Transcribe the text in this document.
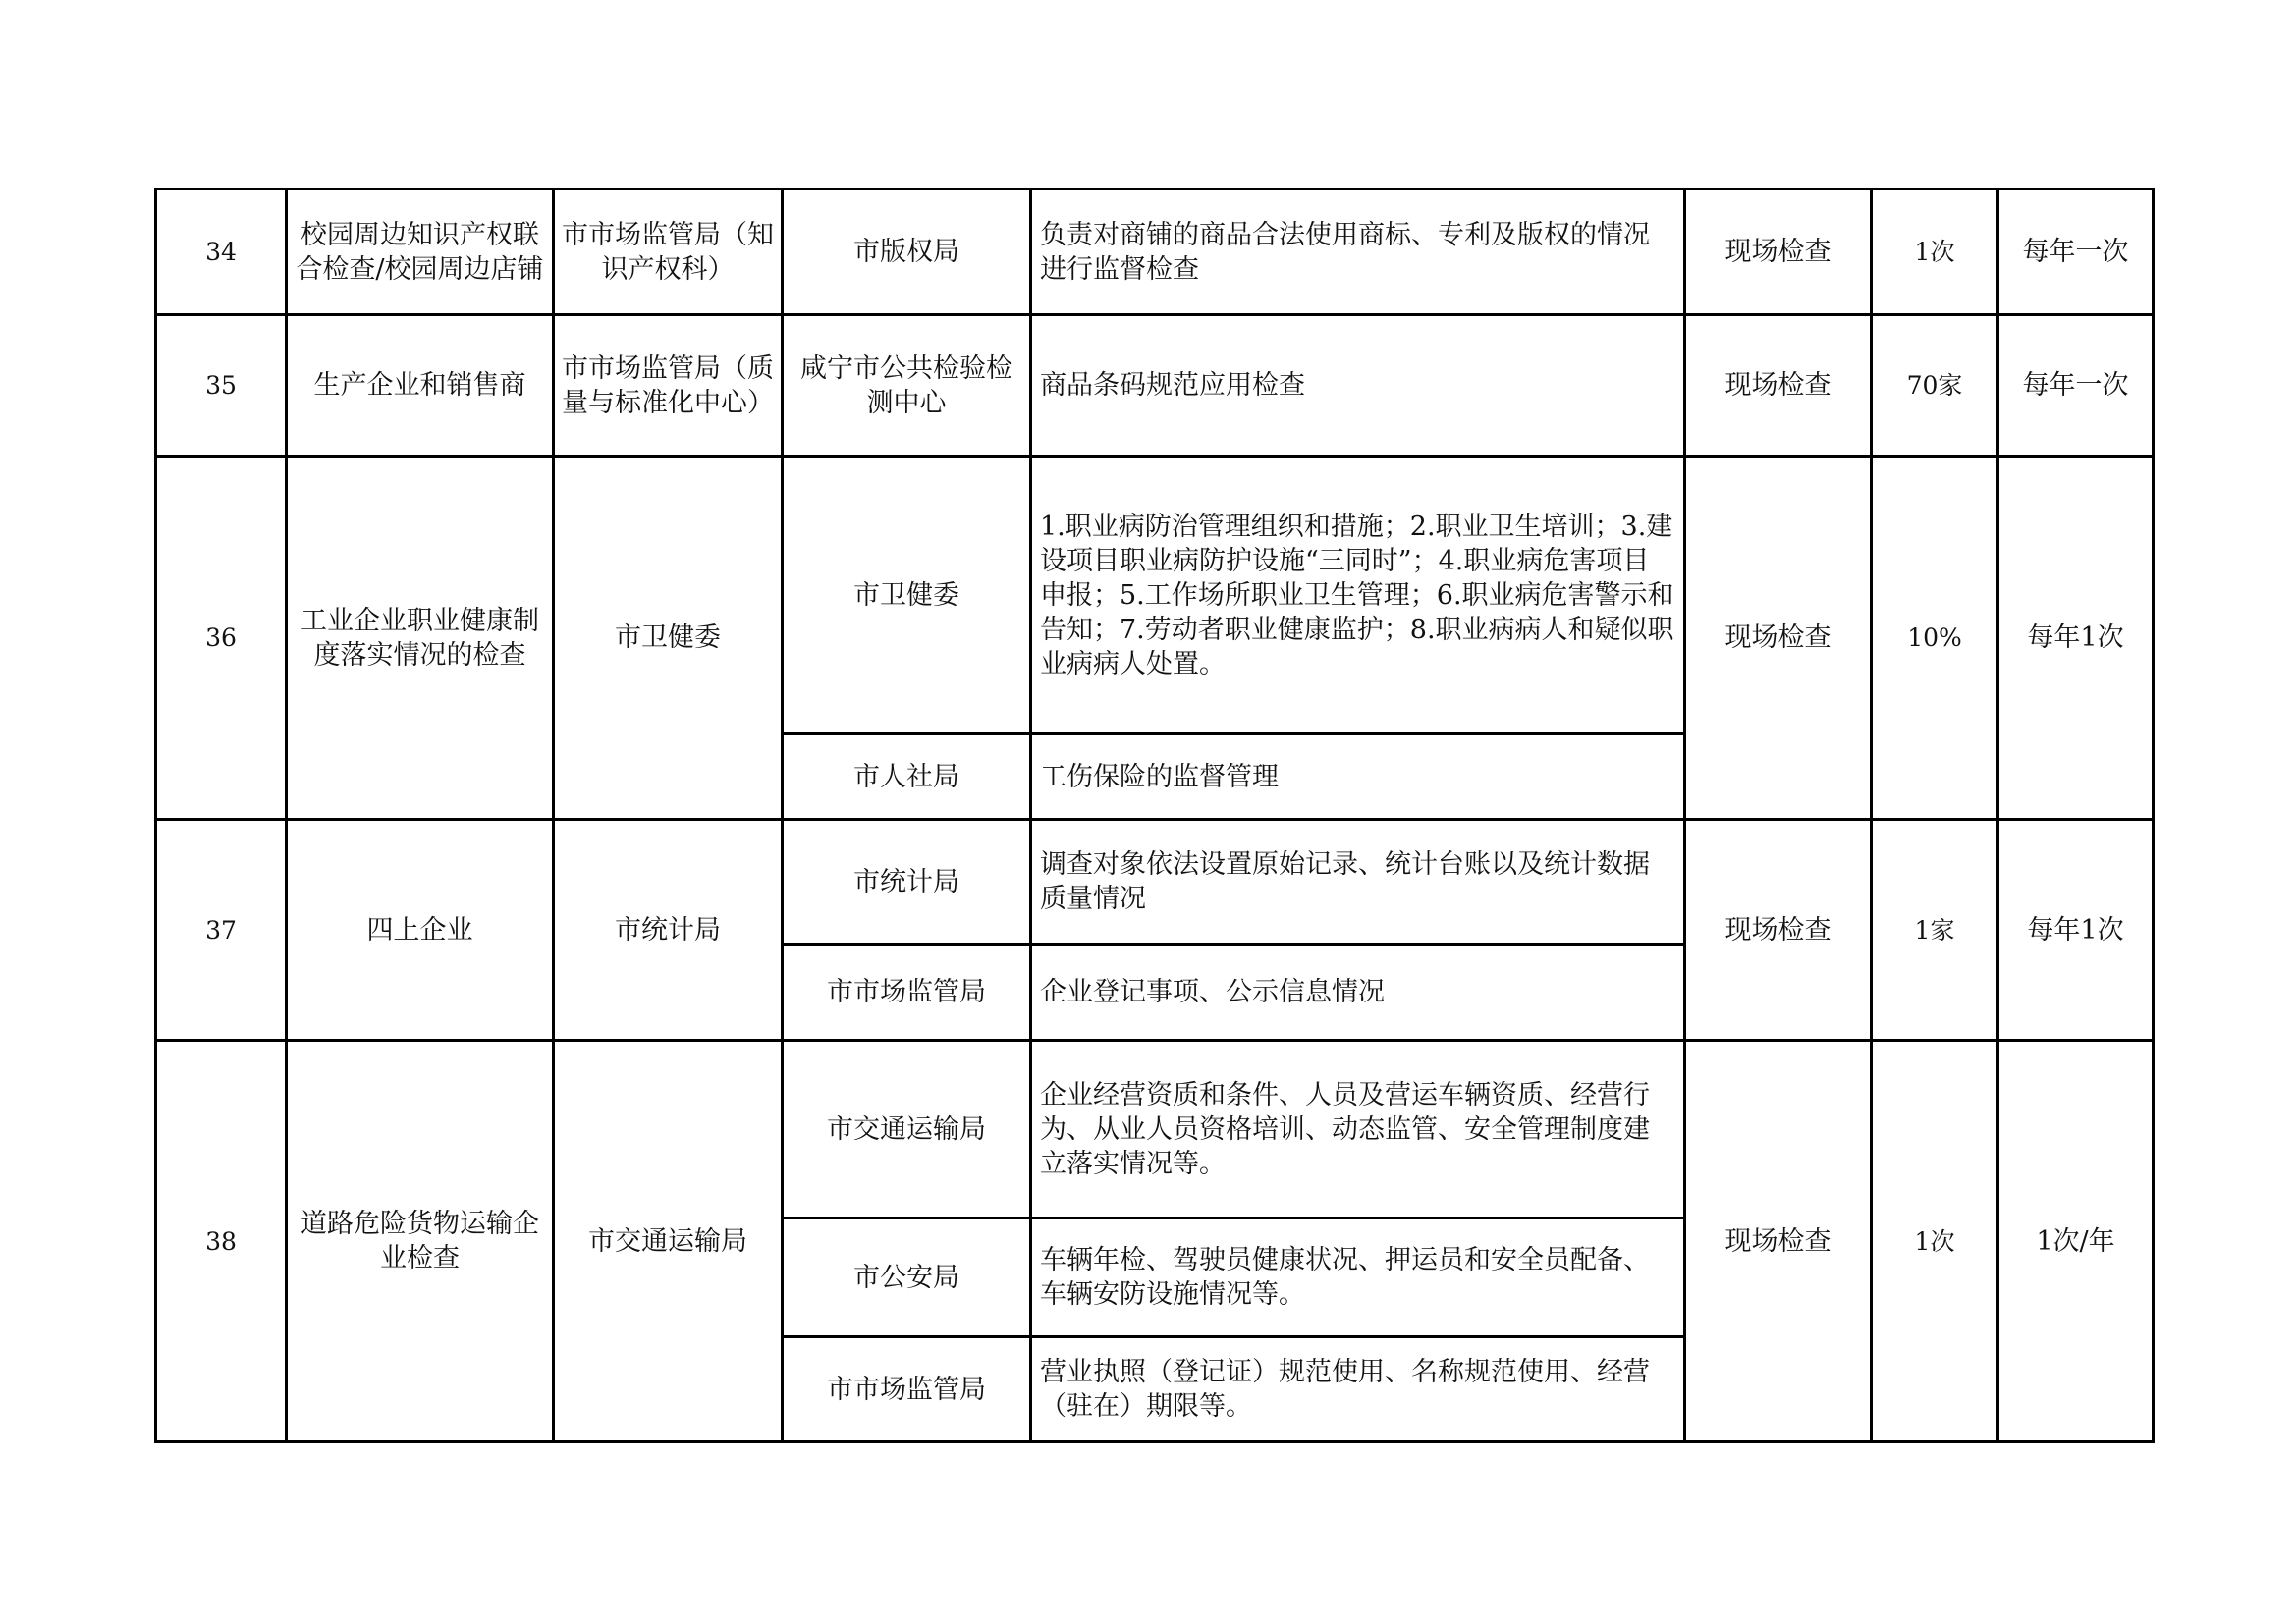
34	校园周边知识产权联合检查/校园周边店铺	市市场监管局（知识产权科）	市版权局	负责对商铺的商品合法使用商标、专利及版权的情况进行监督检查	现场检查	1次	每年一次
35	生产企业和销售商	市市场监管局（质量与标准化中心）	咸宁市公共检验检测中心	商品条码规范应用检查	现场检查	70家	每年一次
36	工业企业职业健康制度落实情况的检查	市卫健委	市卫健委	1.职业病防治管理组织和措施；2.职业卫生培训；3.建设项目职业病防护设施“三同时”；4.职业病危害项目申报；5.工作场所职业卫生管理；6.职业病危害警示和告知；7.劳动者职业健康监护；8.职业病病人和疑似职业病病人处置。	现场检查	10%	每年1次
			市人社局	工伤保险的监督管理			
37	四上企业	市统计局	市统计局	调查对象依法设置原始记录、统计台账以及统计数据质量情况	现场检查	1家	每年1次
			市市场监管局	企业登记事项、公示信息情况			
38	道路危险货物运输企业检查	市交通运输局	市交通运输局	企业经营资质和条件、人员及营运车辆资质、经营行为、从业人员资格培训、动态监管、安全管理制度建立落实情况等。	现场检查	1次	1次/年
			市公安局	车辆年检、驾驶员健康状况、押运员和安全员配备、车辆安防设施情况等。			
			市市场监管局	营业执照（登记证）规范使用、名称规范使用、经营（驻在）期限等。			
